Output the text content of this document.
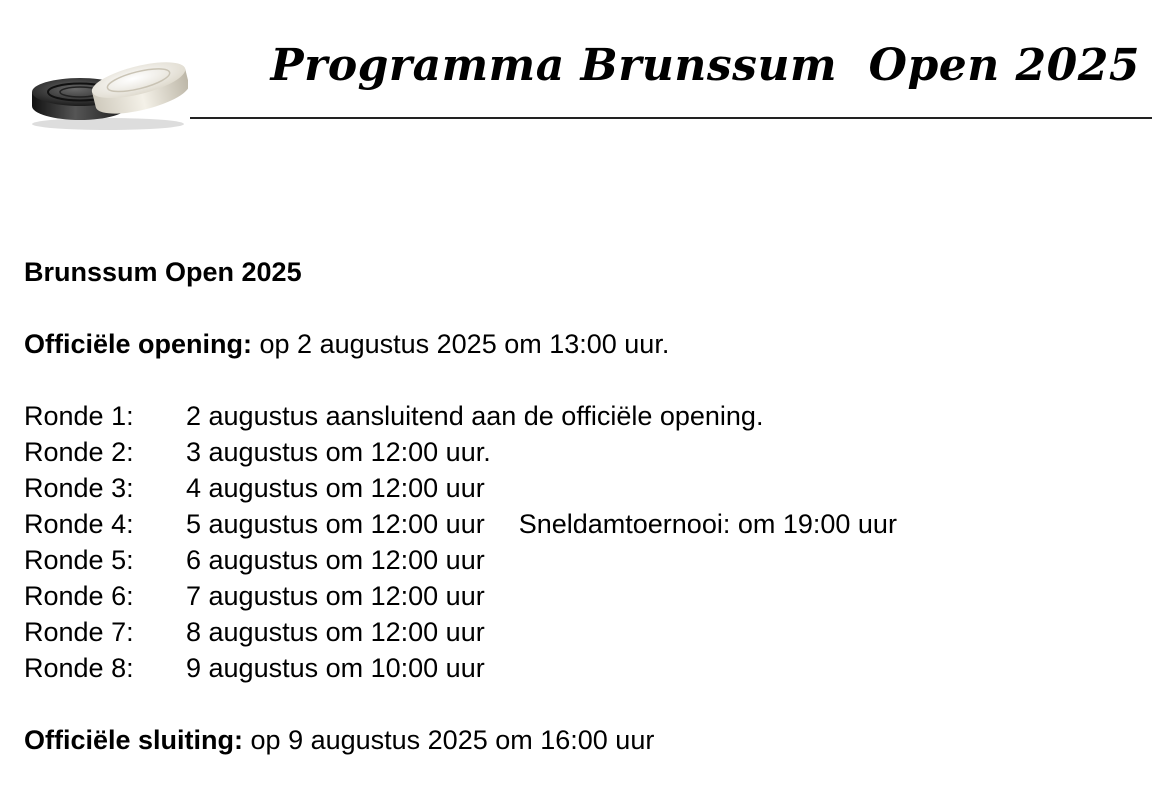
Programma Brunssum  Open 2025
Brunssum Open 2025
Officiële opening: op 2 augustus 2025 om 13:00 uur.
Ronde 1: 2 augustus aansluitend aan de officiële opening.
Ronde 2: 3 augustus om 12:00 uur.
Ronde 3: 4 augustus om 12:00 uur
Ronde 4: 5 augustus om 12:00 uur Sneldamtoernooi: om 19:00 uur
Ronde 5: 6 augustus om 12:00 uur
Ronde 6: 7 augustus om 12:00 uur
Ronde 7: 8 augustus om 12:00 uur
Ronde 8: 9 augustus om 10:00 uur
Officiële sluiting: op 9 augustus 2025 om 16:00 uur
